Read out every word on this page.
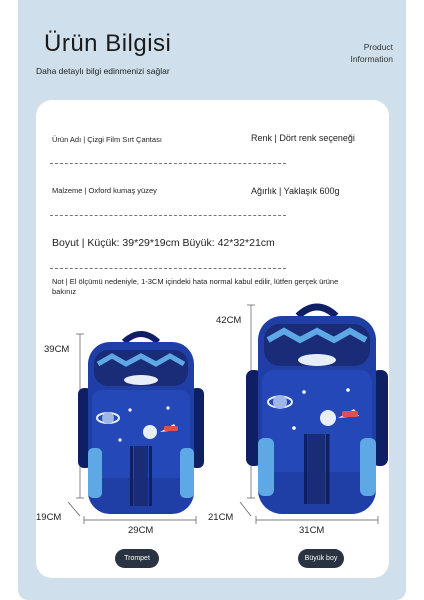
Ürün Bilgisi
Daha detaylı bilgi edinmenizi sağlar
Product
Information
Ürün Adı | Çizgi Film Sırt Çantası	Renk | Dört renk seçeneği
Malzeme | Oxford kumaş yüzey	Ağırlık | Yaklaşık 600g
Boyut | Küçük: 39*29*19cm Büyük: 42*32*21cm
Not | El ölçümü nedeniyle, 1-3CM içindeki hata normal kabul edilir, lütfen gerçek ürüne bakınız
39CM
19CM
29CM
42CM
21CM
31CM
Trompet	Büyük boy
